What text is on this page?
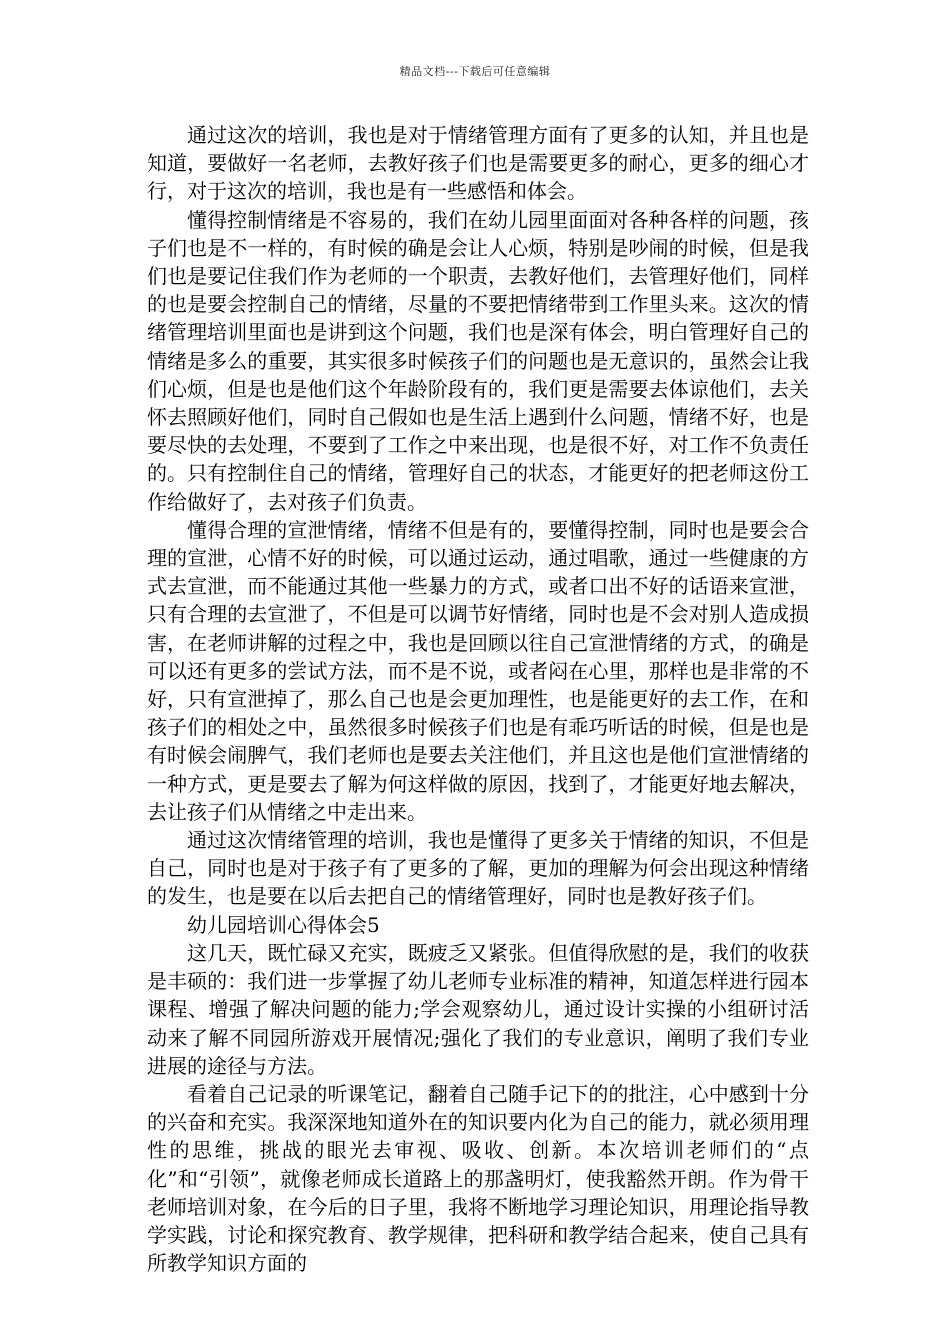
精品文档---下载后可任意编辑

通过这次的培训，我也是对于情绪管理方面有了更多的认知，并且也是知道，要做好一名老师，去教好孩子们也是需要更多的耐心，更多的细心才行，对于这次的培训，我也是有一些感悟和体会。

懂得控制情绪是不容易的，我们在幼儿园里面面对各种各样的问题，孩子们也是不一样的，有时候的确是会让人心烦，特别是吵闹的时候，但是我们也是要记住我们作为老师的一个职责，去教好他们，去管理好他们，同样的也是要会控制自己的情绪，尽量的不要把情绪带到工作里头来。这次的情绪管理培训里面也是讲到这个问题，我们也是深有体会，明白管理好自己的情绪是多么的重要，其实很多时候孩子们的问题也是无意识的，虽然会让我们心烦，但是也是他们这个年龄阶段有的，我们更是需要去体谅他们，去关怀去照顾好他们，同时自己假如也是生活上遇到什么问题，情绪不好，也是要尽快的去处理，不要到了工作之中来出现，也是很不好，对工作不负责任的。只有控制住自己的情绪，管理好自己的状态，才能更好的把老师这份工作给做好了，去对孩子们负责。

懂得合理的宣泄情绪，情绪不但是有的，要懂得控制，同时也是要会合理的宣泄，心情不好的时候，可以通过运动，通过唱歌，通过一些健康的方式去宣泄，而不能通过其他一些暴力的方式，或者口出不好的话语来宣泄，只有合理的去宣泄了，不但是可以调节好情绪，同时也是不会对别人造成损害，在老师讲解的过程之中，我也是回顾以往自己宣泄情绪的方式，的确是可以还有更多的尝试方法，而不是不说，或者闷在心里，那样也是非常的不好，只有宣泄掉了，那么自己也是会更加理性，也是能更好的去工作，在和孩子们的相处之中，虽然很多时候孩子们也是有乖巧听话的时候，但是也是有时候会闹脾气，我们老师也是要去关注他们，并且这也是他们宣泄情绪的一种方式，更是要去了解为何这样做的原因，找到了，才能更好地去解决，去让孩子们从情绪之中走出来。

通过这次情绪管理的培训，我也是懂得了更多关于情绪的知识，不但是自己，同时也是对于孩子有了更多的了解，更加的理解为何会出现这种情绪的发生，也是要在以后去把自己的情绪管理好，同时也是教好孩子们。

幼儿园培训心得体会5

这几天，既忙碌又充实，既疲乏又紧张。但值得欣慰的是，我们的收获是丰硕的：我们进一步掌握了幼儿老师专业标准的精神，知道怎样进行园本课程、增强了解决问题的能力;学会观察幼儿，通过设计实操的小组研讨活动来了解不同园所游戏开展情况;强化了我们的专业意识，阐明了我们专业进展的途径与方法。

看着自己记录的听课笔记，翻着自己随手记下的的批注，心中感到十分的兴奋和充实。我深深地知道外在的知识要内化为自己的能力，就必须用理性的思维，挑战的眼光去审视、吸收、创新。本次培训老师们的“点化”和“引领”，就像老师成长道路上的那盏明灯，使我豁然开朗。作为骨干老师培训对象，在今后的日子里，我将不断地学习理论知识，用理论指导教学实践，讨论和探究教育、教学规律，把科研和教学结合起来，使自己具有所教学知识方面的
